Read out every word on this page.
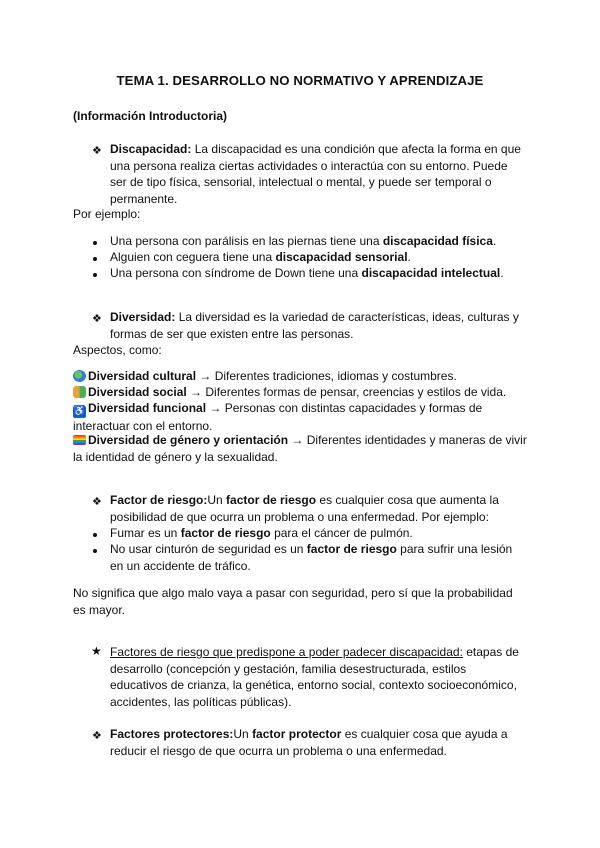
TEMA 1. DESARROLLO NO NORMATIVO Y APRENDIZAJE
(Información Introductoria)
❖ Discapacidad: La discapacidad es una condición que afecta la forma en que una persona realiza ciertas actividades o interactúa con su entorno. Puede ser de tipo física, sensorial, intelectual o mental, y puede ser temporal o permanente.
Por ejemplo:
Una persona con parálisis en las piernas tiene una discapacidad física.
Alguien con ceguera tiene una discapacidad sensorial.
Una persona con síndrome de Down tiene una discapacidad intelectual.
❖ Diversidad: La diversidad es la variedad de características, ideas, culturas y formas de ser que existen entre las personas.
Aspectos, como:
Diversidad cultural → Diferentes tradiciones, idiomas y costumbres.
Diversidad social → Diferentes formas de pensar, creencias y estilos de vida.
♿ Diversidad funcional → Personas con distintas capacidades y formas de interactuar con el entorno.
Diversidad de género y orientación → Diferentes identidades y maneras de vivir la identidad de género y la sexualidad.
❖ Factor de riesgo:Un factor de riesgo es cualquier cosa que aumenta la posibilidad de que ocurra un problema o una enfermedad. Por ejemplo:
Fumar es un factor de riesgo para el cáncer de pulmón.
No usar cinturón de seguridad es un factor de riesgo para sufrir una lesión en un accidente de tráfico.
No significa que algo malo vaya a pasar con seguridad, pero sí que la probabilidad es mayor.
★ Factores de riesgo que predispone a poder padecer discapacidad: etapas de desarrollo (concepción y gestación, familia desestructurada, estilos educativos de crianza, la genética, entorno social, contexto socioeconómico, accidentes, las políticas públicas).
❖ Factores protectores:Un factor protector es cualquier cosa que ayuda a reducir el riesgo de que ocurra un problema o una enfermedad.
